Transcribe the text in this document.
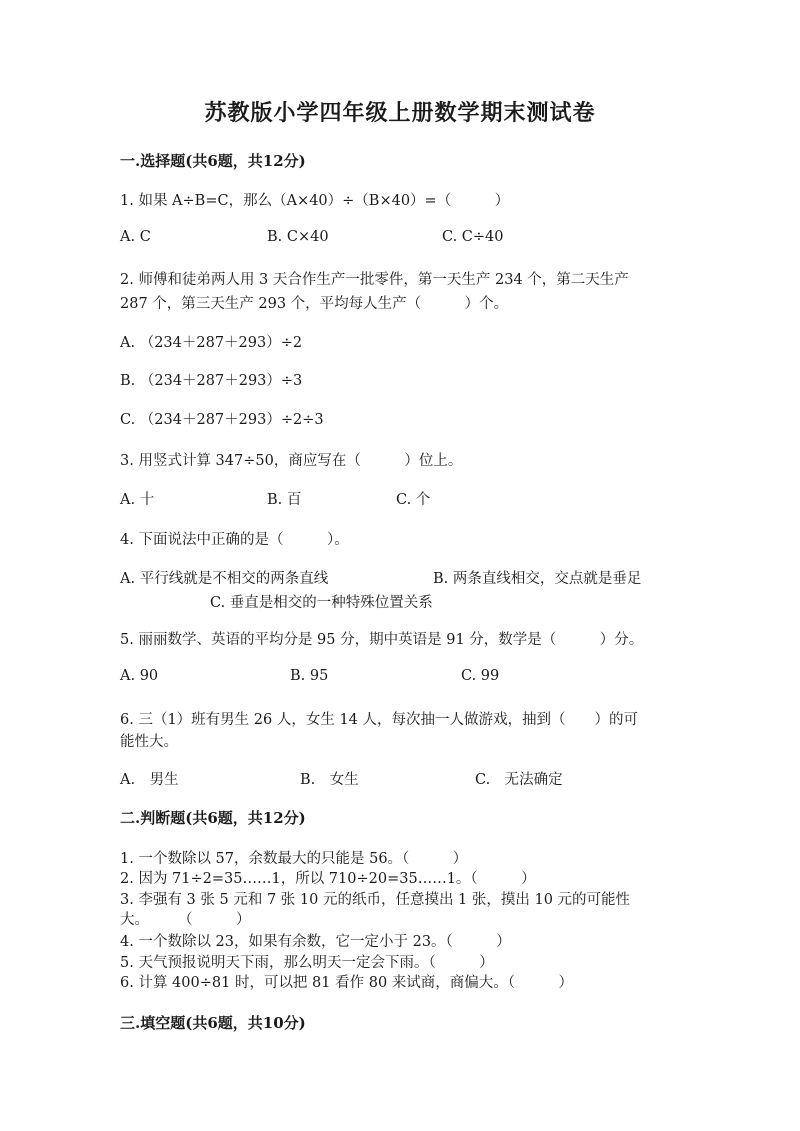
苏教版小学四年级上册数学期末测试卷
一.选择题(共6题，共12分)
1. 如果 A÷B=C，那么（A×40）÷（B×40）=（　　　）
A. C	B. C×40	C. C÷40
2. 师傅和徒弟两人用 3 天合作生产一批零件，第一天生产 234 个，第二天生产
287 个，第三天生产 293 个，平均每人生产（　　　）个。
A. （234＋287＋293）÷2
B. （234＋287＋293）÷3
C. （234＋287＋293）÷2÷3
3. 用竖式计算 347÷50，商应写在（　　　）位上。
A. 十	B. 百	C. 个
4. 下面说法中正确的是（　　　）。
A. 平行线就是不相交的两条直线	B. 两条直线相交，交点就是垂足
C. 垂直是相交的一种特殊位置关系
5. 丽丽数学、英语的平均分是 95 分，期中英语是 91 分，数学是（　　　）分。
A. 90	B. 95	C. 99
6. 三（1）班有男生 26 人，女生 14 人，每次抽一人做游戏，抽到（　　）的可
能性大。
A.　男生	B.　女生	C.　无法确定
二.判断题(共6题，共12分)
1. 一个数除以 57，余数最大的只能是 56。（　　　）
2. 因为 71÷2=35……1，所以 710÷20=35……1。（　　　）
3. 李强有 3 张 5 元和 7 张 10 元的纸币，任意摸出 1 张，摸出 10 元的可能性
大。　　　（　　　）
4. 一个数除以 23，如果有余数，它一定小于 23。（　　　）
5. 天气预报说明天下雨，那么明天一定会下雨。（　　　）
6. 计算 400÷81 时，可以把 81 看作 80 来试商，商偏大。（　　　）
三.填空题(共6题，共10分)
